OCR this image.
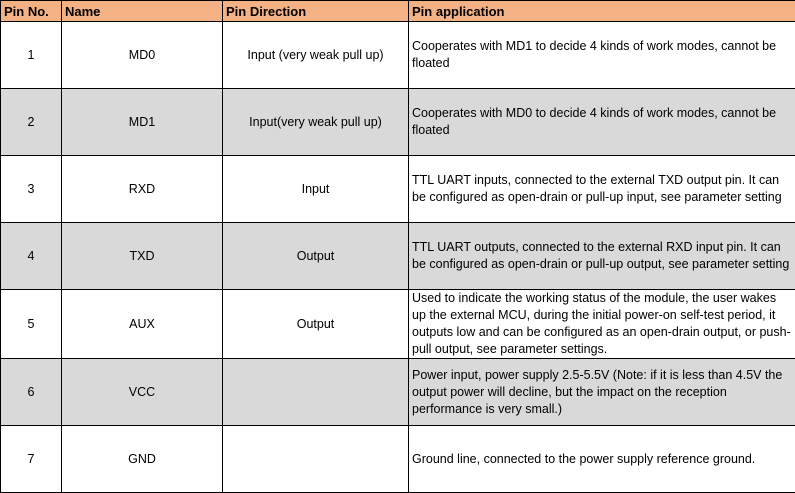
Pin No.	Name	Pin Direction	Pin application
1	MD0	Input (very weak pull up)	Cooperates with MD1 to decide 4 kinds of work modes, cannot be floated
2	MD1	Input(very weak pull up)	Cooperates with MD0 to decide 4 kinds of work modes, cannot be floated
3	RXD	Input	TTL UART inputs, connected to the external TXD output pin. It can be configured as open-drain or pull-up input, see parameter setting
4	TXD	Output	TTL UART outputs, connected to the external RXD input pin. It can be configured as open-drain or pull-up output, see parameter setting
5	AUX	Output	Used to indicate the working status of the module, the user wakes up the external MCU, during the initial power-on self-test period, it outputs low and can be configured as an open-drain output, or push-pull output, see parameter settings.
6	VCC		Power input, power supply 2.5-5.5V (Note: if it is less than 4.5V the output power will decline, but the impact on the reception performance is very small.)
7	GND		Ground line, connected to the power supply reference ground.
